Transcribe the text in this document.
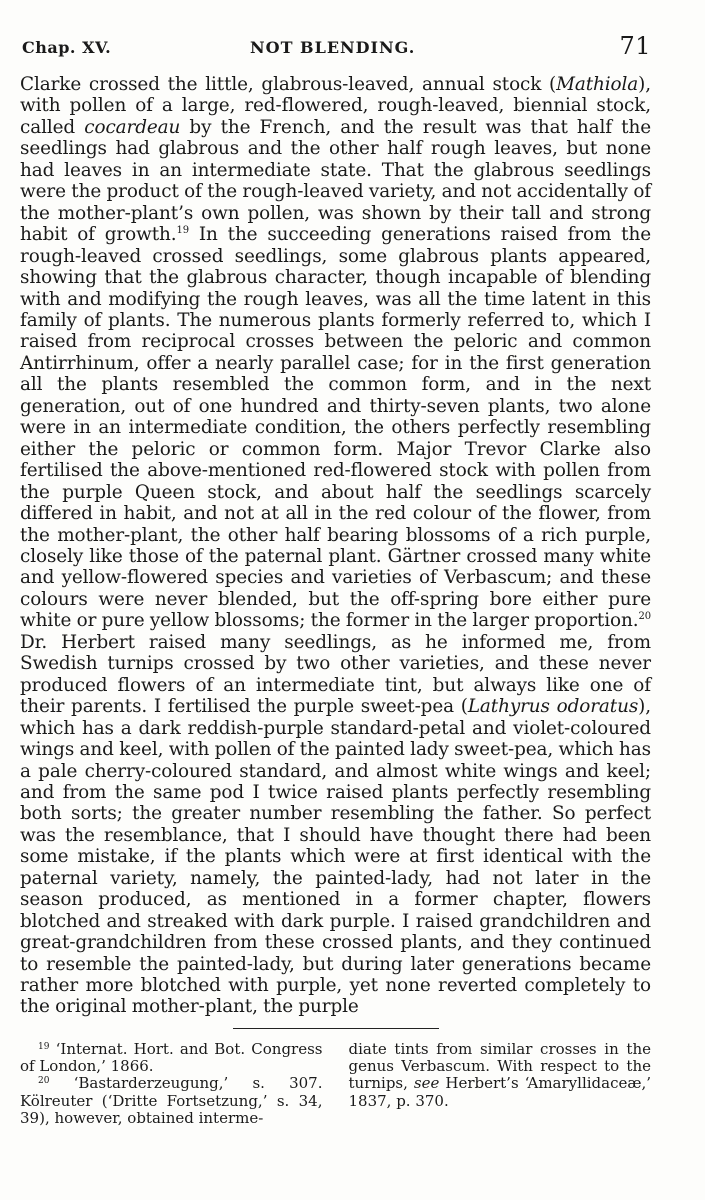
Chap. XV.	NOT BLENDING.	71
Clarke crossed the little, glabrous-leaved, annual stock (Mathiola), with pollen of a large, red-flowered, rough-leaved, biennial stock, called cocardeau by the French, and the result was that half the seedlings had glabrous and the other half rough leaves, but none had leaves in an intermediate state. That the glabrous seedlings were the product of the rough-leaved variety, and not accidentally of the mother-plant’s own pollen, was shown by their tall and strong habit of growth.$^{19}$ In the succeeding generations raised from the rough-leaved crossed seedlings, some glabrous plants appeared, showing that the glabrous character, though incapable of blending with and modifying the rough leaves, was all the time latent in this family of plants. The numerous plants formerly referred to, which I raised from reciprocal crosses between the peloric and common Antirrhinum, offer a nearly parallel case; for in the first generation all the plants resembled the common form, and in the next generation, out of one hundred and thirty-seven plants, two alone were in an intermediate condition, the others perfectly resembling either the peloric or common form. Major Trevor Clarke also fertilised the above-mentioned red-flowered stock with pollen from the purple Queen stock, and about half the seedlings scarcely differed in habit, and not at all in the red colour of the flower, from the mother-plant, the other half bearing blossoms of a rich purple, closely like those of the paternal plant. Gärtner crossed many white and yellow-flowered species and varieties of Verbascum; and these colours were never blended, but the off-spring bore either pure white or pure yellow blossoms; the former in the larger proportion.$^{20}$ Dr. Herbert raised many seedlings, as he informed me, from Swedish turnips crossed by two other varieties, and these never produced flowers of an intermediate tint, but always like one of their parents. I fertilised the purple sweet-pea (Lathyrus odoratus), which has a dark reddish-purple standard-petal and violet-coloured wings and keel, with pollen of the painted lady sweet-pea, which has a pale cherry-coloured standard, and almost white wings and keel; and from the same pod I twice raised plants perfectly resembling both sorts; the greater number resembling the father. So perfect was the resemblance, that I should have thought there had been some mistake, if the plants which were at first identical with the paternal variety, namely, the painted-lady, had not later in the season produced, as mentioned in a former chapter, flowers blotched and streaked with dark purple. I raised grandchildren and great-grandchildren from these crossed plants, and they continued to resemble the painted-lady, but during later generations became rather more blotched with purple, yet none reverted completely to the original mother-plant, the purple
$^{19}$ ‘Internat. Hort. and Bot. Congress of London,’ 1866.
$^{20}$ ‘Bastarderzeugung,’ s. 307. Kölreuter (‘Dritte Fortsetzung,’ s. 34, 39), however, obtained interme-
diate tints from similar crosses in the genus Verbascum. With respect to the turnips, see Herbert’s ‘Amaryllidaceæ,’ 1837, p. 370.
